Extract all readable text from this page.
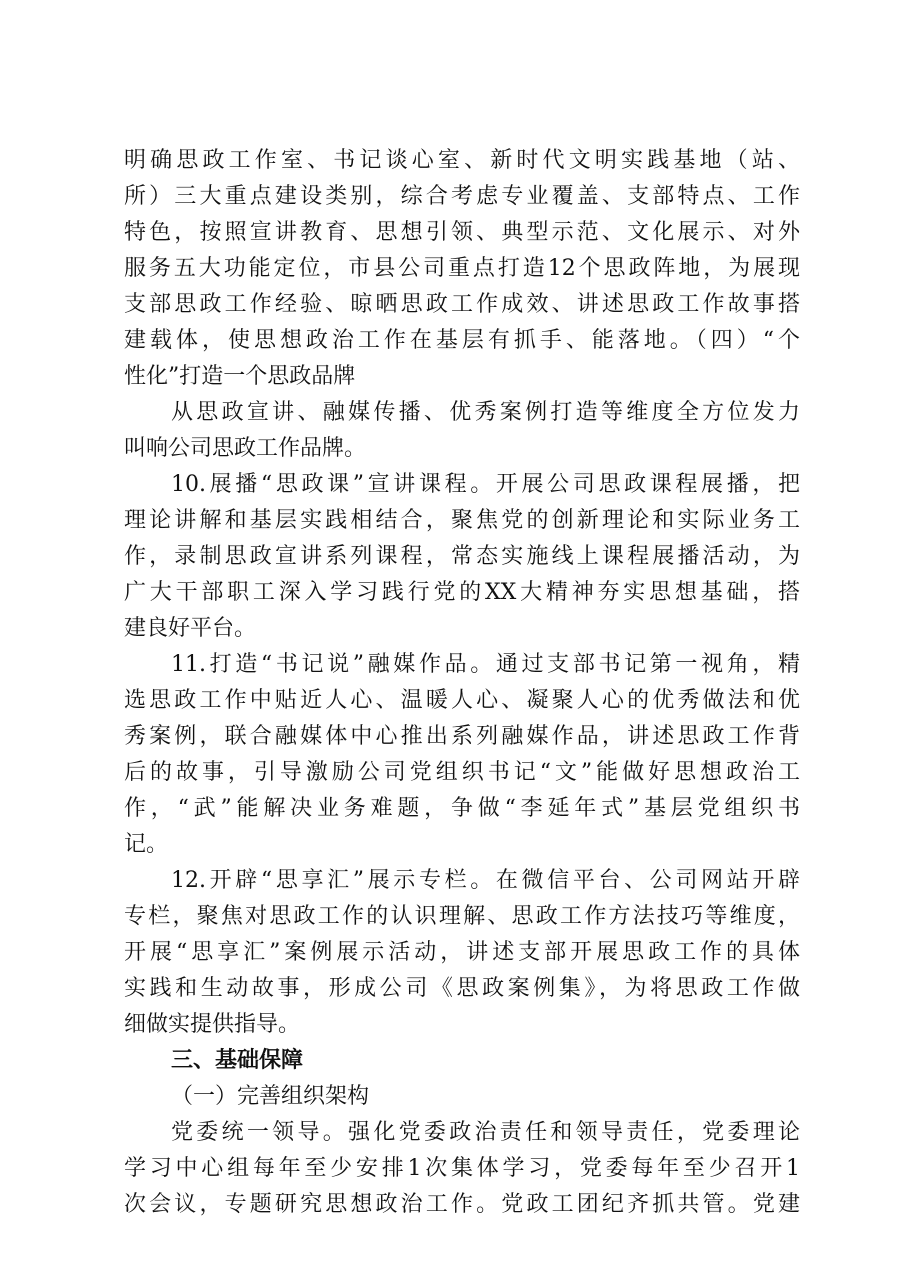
明确思政工作室、书记谈心室、新时代文明实践基地（站、
所）三大重点建设类别，综合考虑专业覆盖、支部特点、工作
特色，按照宣讲教育、思想引领、典型示范、文化展示、对外
服务五大功能定位，市县公司重点打造12个思政阵地，为展现
支部思政工作经验、晾晒思政工作成效、讲述思政工作故事搭
建载体，使思想政治工作在基层有抓手、能落地。（四）“个
性化”打造一个思政品牌
从思政宣讲、融媒传播、优秀案例打造等维度全方位发力
叫响公司思政工作品牌。
10.展播“思政课”宣讲课程。开展公司思政课程展播，把
理论讲解和基层实践相结合，聚焦党的创新理论和实际业务工
作，录制思政宣讲系列课程，常态实施线上课程展播活动，为
广大干部职工深入学习践行党的XX大精神夯实思想基础，搭
建良好平台。
11.打造“书记说”融媒作品。通过支部书记第一视角，精
选思政工作中贴近人心、温暖人心、凝聚人心的优秀做法和优
秀案例，联合融媒体中心推出系列融媒作品，讲述思政工作背
后的故事，引导激励公司党组织书记“文”能做好思想政治工
作，“武”能解决业务难题，争做“李延年式”基层党组织书
记。
12.开辟“思享汇”展示专栏。在微信平台、公司网站开辟
专栏，聚焦对思政工作的认识理解、思政工作方法技巧等维度，
开展“思享汇”案例展示活动，讲述支部开展思政工作的具体
实践和生动故事，形成公司《思政案例集》，为将思政工作做
细做实提供指导。
三、基础保障
（一）完善组织架构
党委统一领导。强化党委政治责任和领导责任，党委理论
学习中心组每年至少安排1次集体学习，党委每年至少召开1
次会议，专题研究思想政治工作。党政工团纪齐抓共管。党建
